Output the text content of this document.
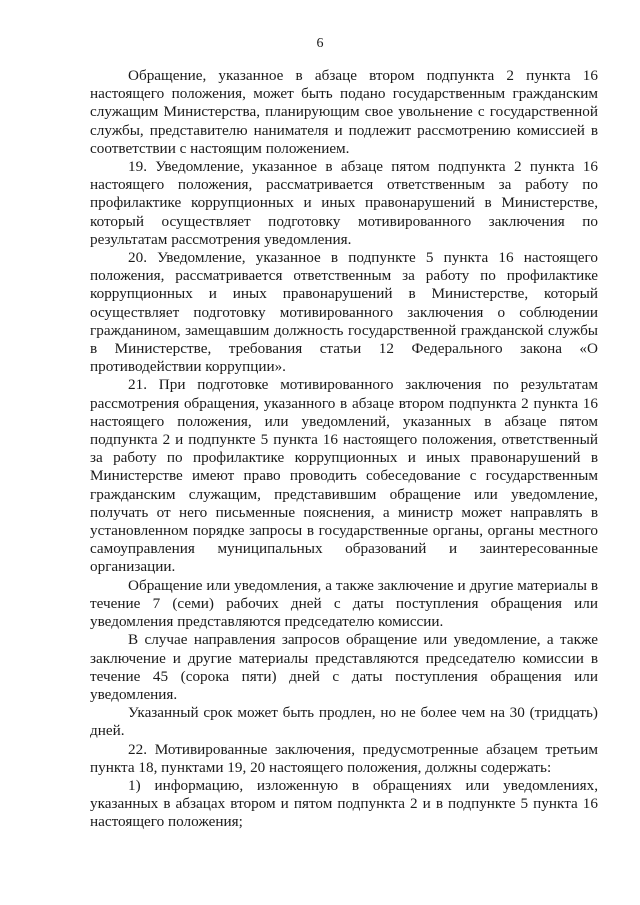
6

Обращение, указанное в абзаце втором подпункта 2 пункта 16 настоящего положения, может быть подано государственным гражданским служащим Министерства, планирующим свое увольнение с государственной службы, представителю нанимателя и подлежит рассмотрению комиссией в соответствии с настоящим положением.

19. Уведомление, указанное в абзаце пятом подпункта 2 пункта 16 настоящего положения, рассматривается ответственным за работу по профилактике коррупционных и иных правонарушений в Министерстве, который осуществляет подготовку мотивированного заключения по результатам рассмотрения уведомления.

20. Уведомление, указанное в подпункте 5 пункта 16 настоящего положения, рассматривается ответственным за работу по профилактике коррупционных и иных правонарушений в Министерстве, который осуществляет подготовку мотивированного заключения о соблюдении гражданином, замещавшим должность государственной гражданской службы в Министерстве, требования статьи 12 Федерального закона «О противодействии коррупции».

21. При подготовке мотивированного заключения по результатам рассмотрения обращения, указанного в абзаце втором подпункта 2 пункта 16 настоящего положения, или уведомлений, указанных в абзаце пятом подпункта 2 и подпункте 5 пункта 16 настоящего положения, ответственный за работу по профилактике коррупционных и иных правонарушений в Министерстве имеют право проводить собеседование с государственным гражданским служащим, представившим обращение или уведомление, получать от него письменные пояснения, а министр может направлять в установленном порядке запросы в государственные органы, органы местного самоуправления муниципальных образований и заинтересованные организации.

Обращение или уведомления, а также заключение и другие материалы в течение 7 (семи) рабочих дней с даты поступления обращения или уведомления представляются председателю комиссии.

В случае направления запросов обращение или уведомление, а также заключение и другие материалы представляются председателю комиссии в течение 45 (сорока пяти) дней с даты поступления обращения или уведомления.

Указанный срок может быть продлен, но не более чем на 30 (тридцать) дней.

22. Мотивированные заключения, предусмотренные абзацем третьим пункта 18, пунктами 19, 20 настоящего положения, должны содержать:

1) информацию, изложенную в обращениях или уведомлениях, указанных в абзацах втором и пятом подпункта 2 и в подпункте 5 пункта 16 настоящего положения;
